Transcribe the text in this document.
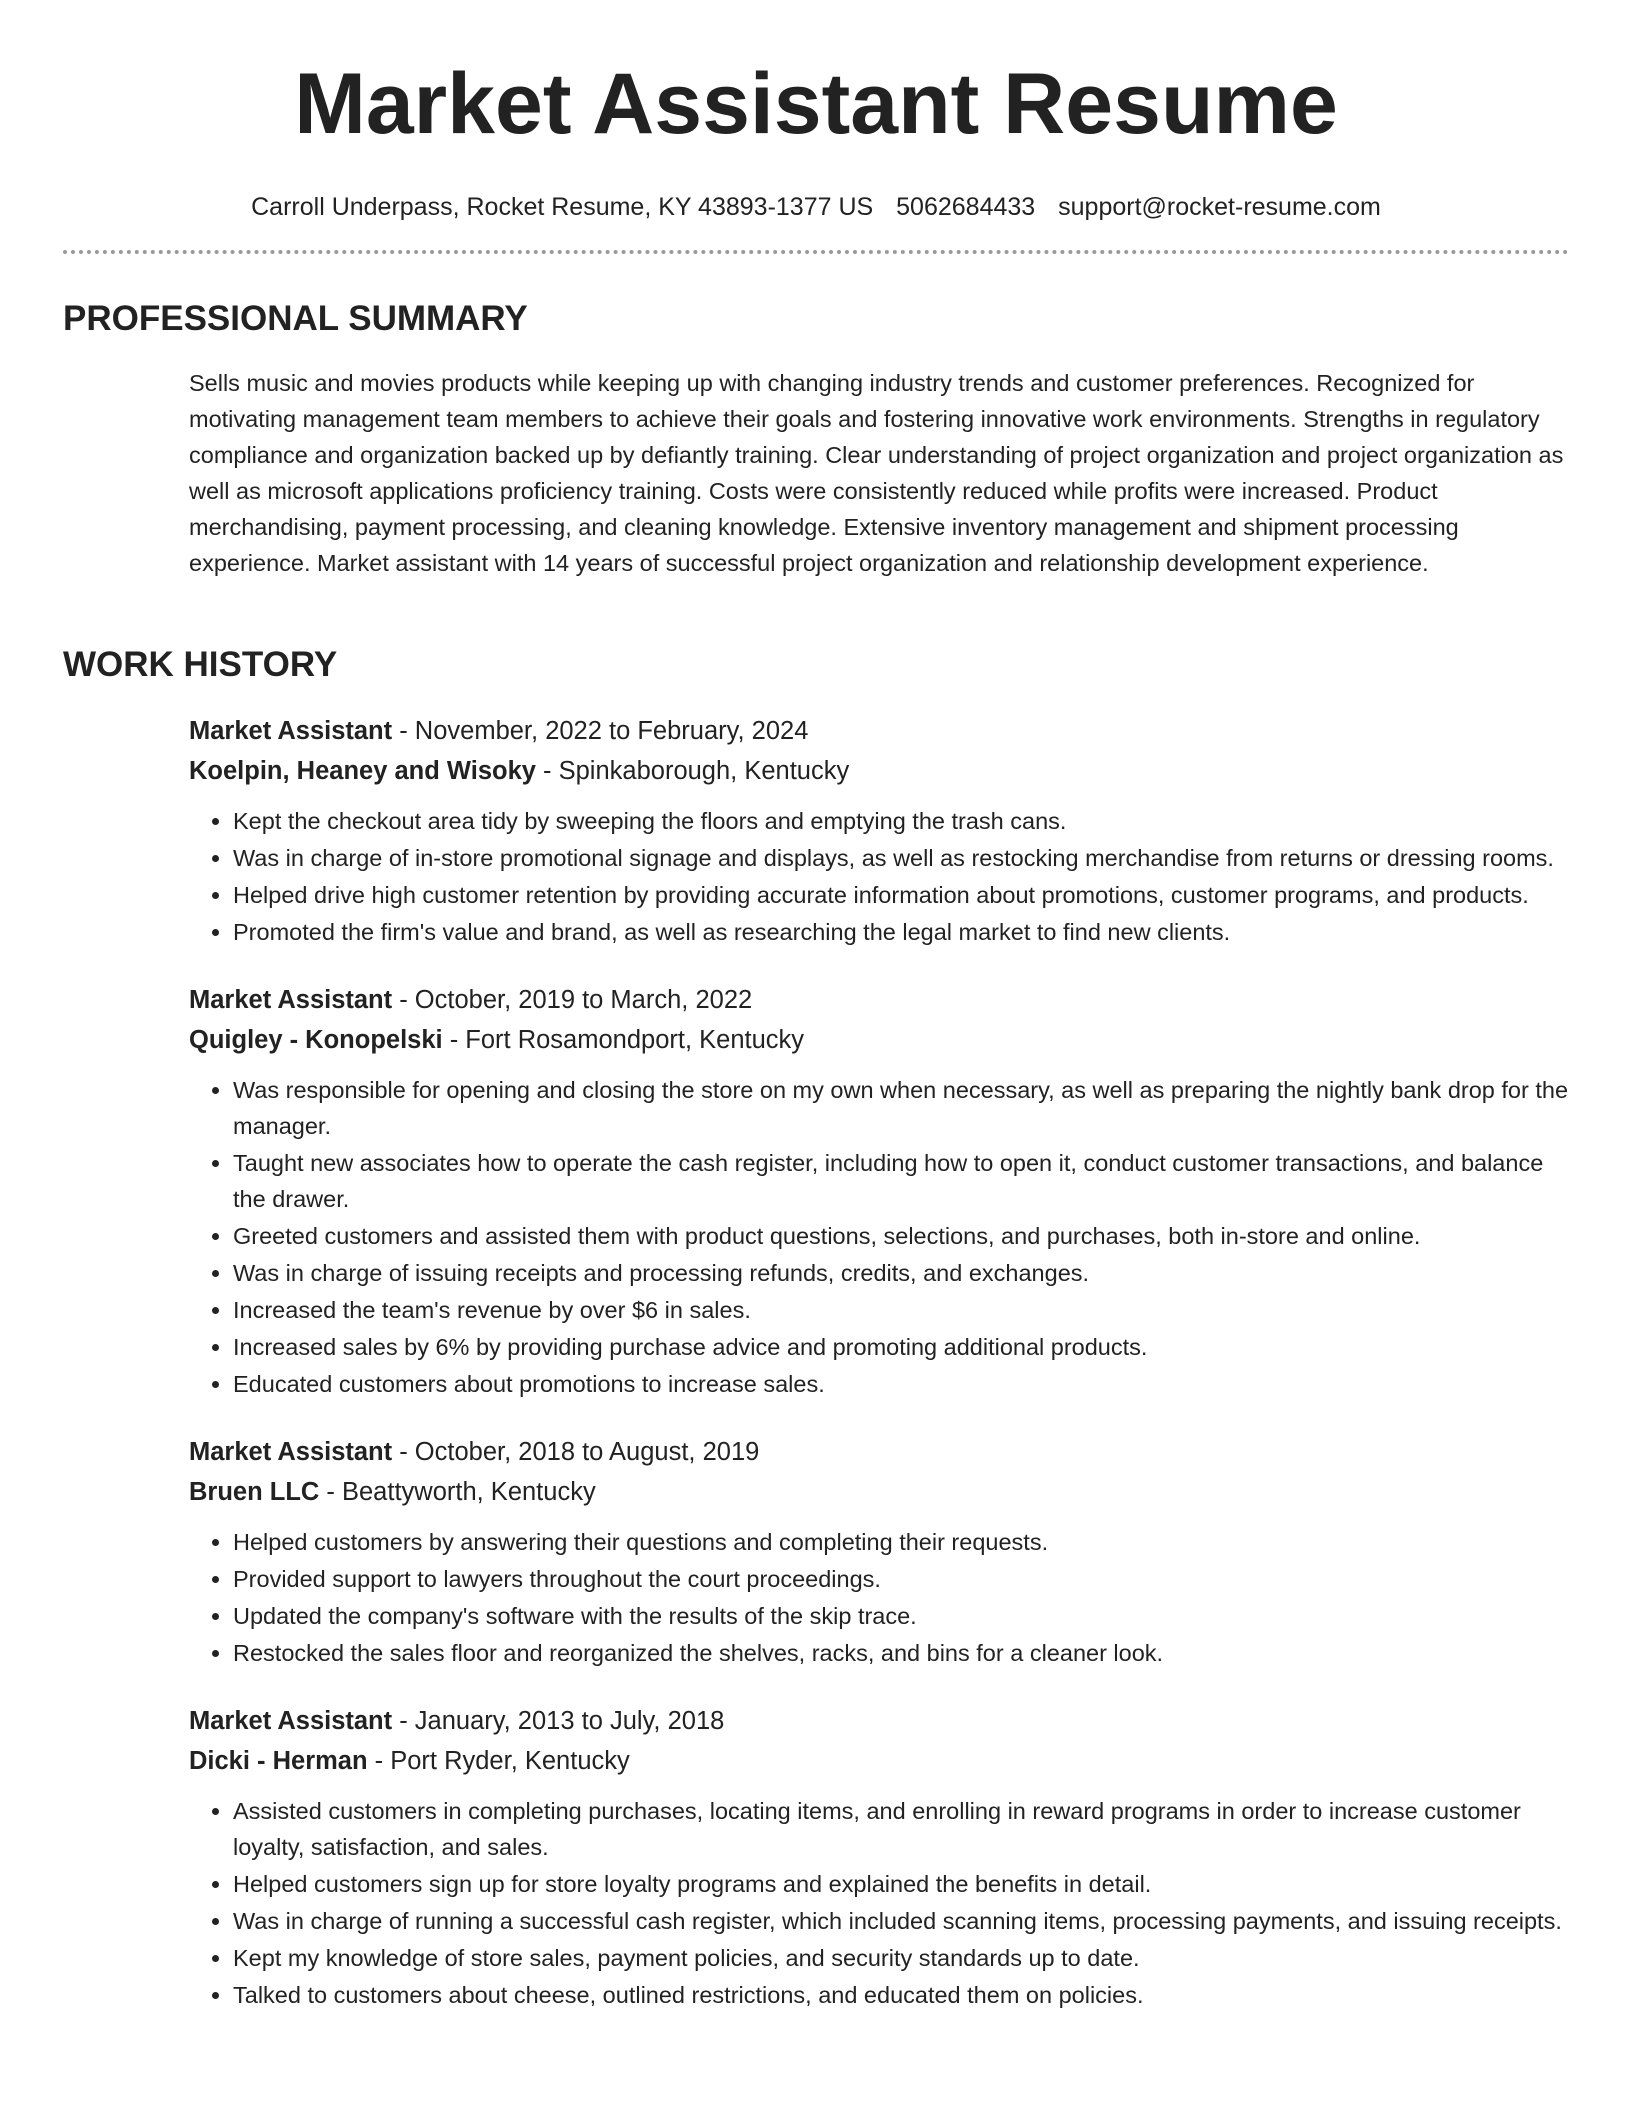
Market Assistant Resume
Carroll Underpass, Rocket Resume, KY 43893-1377 US 5062684433 support@rocket-resume.com
PROFESSIONAL SUMMARY

Sells music and movies products while keeping up with changing industry trends and customer preferences. Recognized for motivating management team members to achieve their goals and fostering innovative work environments. Strengths in regulatory compliance and organization backed up by defiantly training. Clear understanding of project organization and project organization as well as microsoft applications proficiency training. Costs were consistently reduced while profits were increased. Product merchandising, payment processing, and cleaning knowledge. Extensive inventory management and shipment processing experience. Market assistant with 14 years of successful project organization and relationship development experience.

WORK HISTORY

Market Assistant - November, 2022 to February, 2024

Koelpin, Heaney and Wisoky - Spinkaborough, Kentucky

• Kept the checkout area tidy by sweeping the floors and emptying the trash cans.
• Was in charge of in-store promotional signage and displays, as well as restocking merchandise from returns or dressing rooms.
• Helped drive high customer retention by providing accurate information about promotions, customer programs, and products.
• Promoted the firm's value and brand, as well as researching the legal market to find new clients.

Market Assistant - October, 2019 to March, 2022

Quigley - Konopelski - Fort Rosamondport, Kentucky

• Was responsible for opening and closing the store on my own when necessary, as well as preparing the nightly bank drop for the manager.
• Taught new associates how to operate the cash register, including how to open it, conduct customer transactions, and balance the drawer.
• Greeted customers and assisted them with product questions, selections, and purchases, both in-store and online.
• Was in charge of issuing receipts and processing refunds, credits, and exchanges.
• Increased the team's revenue by over $6 in sales.
• Increased sales by 6% by providing purchase advice and promoting additional products.
• Educated customers about promotions to increase sales.

Market Assistant - October, 2018 to August, 2019

Bruen LLC - Beattyworth, Kentucky

• Helped customers by answering their questions and completing their requests.
• Provided support to lawyers throughout the court proceedings.
• Updated the company's software with the results of the skip trace.
• Restocked the sales floor and reorganized the shelves, racks, and bins for a cleaner look.

Market Assistant - January, 2013 to July, 2018

Dicki - Herman - Port Ryder, Kentucky

• Assisted customers in completing purchases, locating items, and enrolling in reward programs in order to increase customer loyalty, satisfaction, and sales.
• Helped customers sign up for store loyalty programs and explained the benefits in detail.
• Was in charge of running a successful cash register, which included scanning items, processing payments, and issuing receipts.
• Kept my knowledge of store sales, payment policies, and security standards up to date.
• Talked to customers about cheese, outlined restrictions, and educated them on policies.
